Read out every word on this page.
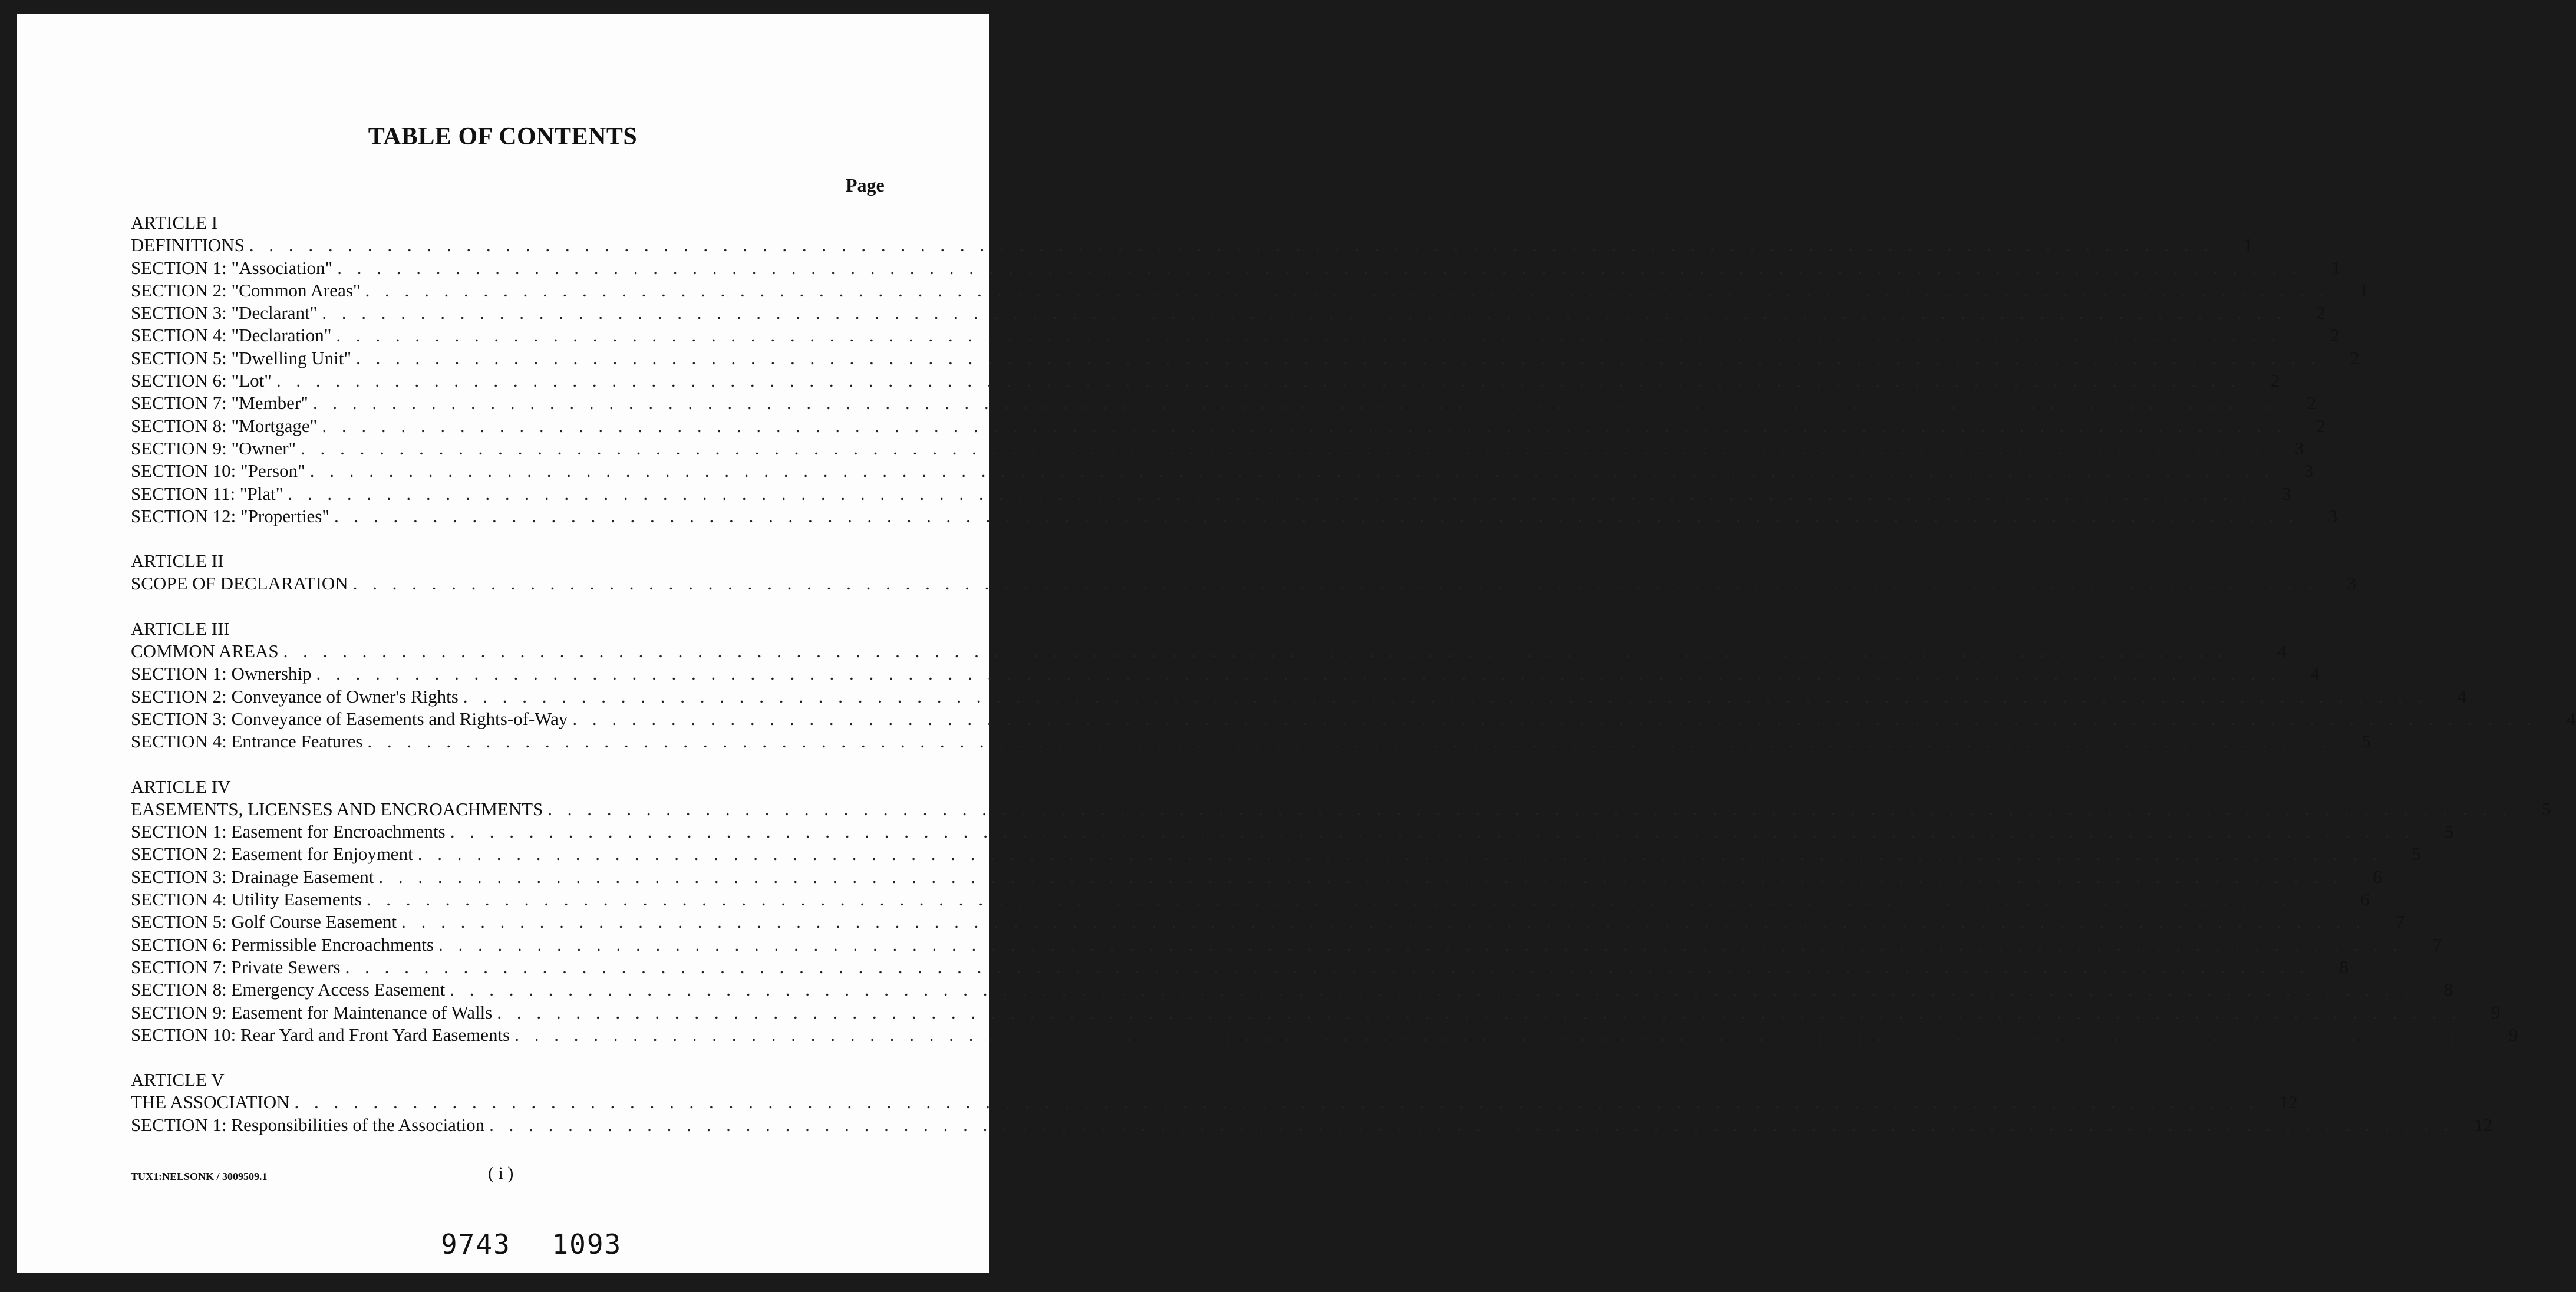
TABLE OF CONTENTS
Page
ARTICLE I
DEFINITIONS . . . . . . . . . . . . . . . . . . . . . . . . . . . . . . . . . . . . . . . . . . . . . . . . . . . . . . . . . . . . . . . . . . . . . . . . . . . . . . . . . . . . . . . . . . . . . . . . . . . .	1
SECTION 1: "Association" . . . . . . . . . . . . . . . . . . . . . . . . . . . . . . . . . . . . . . . . . . . . . . . . . . . . . . . . . . . . . . . . . . . . . . . . . . . . . . . . . . . . . . . . . . . . . . . . . . . .	1
SECTION 2: "Common Areas" . . . . . . . . . . . . . . . . . . . . . . . . . . . . . . . . . . . . . . . . . . . . . . . . . . . . . . . . . . . . . . . . . . . . . . . . . . . . . . . . . . . . . . . . . . . . . . . . . . . .	1
SECTION 3: "Declarant" . . . . . . . . . . . . . . . . . . . . . . . . . . . . . . . . . . . . . . . . . . . . . . . . . . . . . . . . . . . . . . . . . . . . . . . . . . . . . . . . . . . . . . . . . . . . . . . . . . . .	2
SECTION 4: "Declaration" . . . . . . . . . . . . . . . . . . . . . . . . . . . . . . . . . . . . . . . . . . . . . . . . . . . . . . . . . . . . . . . . . . . . . . . . . . . . . . . . . . . . . . . . . . . . . . . . . . . .	2
SECTION 5: "Dwelling Unit" . . . . . . . . . . . . . . . . . . . . . . . . . . . . . . . . . . . . . . . . . . . . . . . . . . . . . . . . . . . . . . . . . . . . . . . . . . . . . . . . . . . . . . . . . . . . . . . . . . . .	2
SECTION 6: "Lot" . . . . . . . . . . . . . . . . . . . . . . . . . . . . . . . . . . . . . . . . . . . . . . . . . . . . . . . . . . . . . . . . . . . . . . . . . . . . . . . . . . . . . . . . . . . . . . . . . . . .	2
SECTION 7: "Member" . . . . . . . . . . . . . . . . . . . . . . . . . . . . . . . . . . . . . . . . . . . . . . . . . . . . . . . . . . . . . . . . . . . . . . . . . . . . . . . . . . . . . . . . . . . . . . . . . . . .	2
SECTION 8: "Mortgage" . . . . . . . . . . . . . . . . . . . . . . . . . . . . . . . . . . . . . . . . . . . . . . . . . . . . . . . . . . . . . . . . . . . . . . . . . . . . . . . . . . . . . . . . . . . . . . . . . . . .	2
SECTION 9: "Owner" . . . . . . . . . . . . . . . . . . . . . . . . . . . . . . . . . . . . . . . . . . . . . . . . . . . . . . . . . . . . . . . . . . . . . . . . . . . . . . . . . . . . . . . . . . . . . . . . . . . .	3
SECTION 10: "Person" . . . . . . . . . . . . . . . . . . . . . . . . . . . . . . . . . . . . . . . . . . . . . . . . . . . . . . . . . . . . . . . . . . . . . . . . . . . . . . . . . . . . . . . . . . . . . . . . . . . .	3
SECTION 11: "Plat" . . . . . . . . . . . . . . . . . . . . . . . . . . . . . . . . . . . . . . . . . . . . . . . . . . . . . . . . . . . . . . . . . . . . . . . . . . . . . . . . . . . . . . . . . . . . . . . . . . . .	3
SECTION 12: "Properties" . . . . . . . . . . . . . . . . . . . . . . . . . . . . . . . . . . . . . . . . . . . . . . . . . . . . . . . . . . . . . . . . . . . . . . . . . . . . . . . . . . . . . . . . . . . . . . . . . . . .	3
ARTICLE II
SCOPE OF DECLARATION . . . . . . . . . . . . . . . . . . . . . . . . . . . . . . . . . . . . . . . . . . . . . . . . . . . . . . . . . . . . . . . . . . . . . . . . . . . . . . . . . . . . . . . . . . . . . . . . . . . .	3
ARTICLE III
COMMON AREAS . . . . . . . . . . . . . . . . . . . . . . . . . . . . . . . . . . . . . . . . . . . . . . . . . . . . . . . . . . . . . . . . . . . . . . . . . . . . . . . . . . . . . . . . . . . . . . . . . . . .	4
SECTION 1: Ownership . . . . . . . . . . . . . . . . . . . . . . . . . . . . . . . . . . . . . . . . . . . . . . . . . . . . . . . . . . . . . . . . . . . . . . . . . . . . . . . . . . . . . . . . . . . . . . . . . . . .	4
SECTION 2: Conveyance of Owner's Rights . . . . . . . . . . . . . . . . . . . . . . . . . . . . . . . . . . . . . . . . . . . . . . . . . . . . . . . . . . . . . . . . . . . . . . . . . . . . . . . . . . . . . . . . . . . . . . . . . . . .	4
SECTION 3: Conveyance of Easements and Rights-of-Way . . . . . . . . . . . . . . . . . . . . . . . . . . . . . . . . . . . . . . . . . . . . . . . . . . . . . . . . . . . . . . . . . . . . . . . . . . . . . . . . . . . . . . . . . . . . . . . . . . . .	4
SECTION 4: Entrance Features . . . . . . . . . . . . . . . . . . . . . . . . . . . . . . . . . . . . . . . . . . . . . . . . . . . . . . . . . . . . . . . . . . . . . . . . . . . . . . . . . . . . . . . . . . . . . . . . . . . .	5
ARTICLE IV
EASEMENTS, LICENSES AND ENCROACHMENTS . . . . . . . . . . . . . . . . . . . . . . . . . . . . . . . . . . . . . . . . . . . . . . . . . . . . . . . . . . . . . . . . . . . . . . . . . . . . . . . . . . . . . . . . . . . . . . . . . . . .	5
SECTION 1: Easement for Encroachments . . . . . . . . . . . . . . . . . . . . . . . . . . . . . . . . . . . . . . . . . . . . . . . . . . . . . . . . . . . . . . . . . . . . . . . . . . . . . . . . . . . . . . . . . . . . . . . . . . . .	5
SECTION 2: Easement for Enjoyment . . . . . . . . . . . . . . . . . . . . . . . . . . . . . . . . . . . . . . . . . . . . . . . . . . . . . . . . . . . . . . . . . . . . . . . . . . . . . . . . . . . . . . . . . . . . . . . . . . . .	5
SECTION 3: Drainage Easement . . . . . . . . . . . . . . . . . . . . . . . . . . . . . . . . . . . . . . . . . . . . . . . . . . . . . . . . . . . . . . . . . . . . . . . . . . . . . . . . . . . . . . . . . . . . . . . . . . . .	6
SECTION 4: Utility Easements . . . . . . . . . . . . . . . . . . . . . . . . . . . . . . . . . . . . . . . . . . . . . . . . . . . . . . . . . . . . . . . . . . . . . . . . . . . . . . . . . . . . . . . . . . . . . . . . . . . .	6
SECTION 5: Golf Course Easement . . . . . . . . . . . . . . . . . . . . . . . . . . . . . . . . . . . . . . . . . . . . . . . . . . . . . . . . . . . . . . . . . . . . . . . . . . . . . . . . . . . . . . . . . . . . . . . . . . . .	7
SECTION 6: Permissible Encroachments . . . . . . . . . . . . . . . . . . . . . . . . . . . . . . . . . . . . . . . . . . . . . . . . . . . . . . . . . . . . . . . . . . . . . . . . . . . . . . . . . . . . . . . . . . . . . . . . . . . .	7
SECTION 7: Private Sewers . . . . . . . . . . . . . . . . . . . . . . . . . . . . . . . . . . . . . . . . . . . . . . . . . . . . . . . . . . . . . . . . . . . . . . . . . . . . . . . . . . . . . . . . . . . . . . . . . . . .	8
SECTION 8: Emergency Access Easement . . . . . . . . . . . . . . . . . . . . . . . . . . . . . . . . . . . . . . . . . . . . . . . . . . . . . . . . . . . . . . . . . . . . . . . . . . . . . . . . . . . . . . . . . . . . . . . . . . . .	8
SECTION 9: Easement for Maintenance of Walls . . . . . . . . . . . . . . . . . . . . . . . . . . . . . . . . . . . . . . . . . . . . . . . . . . . . . . . . . . . . . . . . . . . . . . . . . . . . . . . . . . . . . . . . . . . . . . . . . . . .	9
SECTION 10: Rear Yard and Front Yard Easements . . . . . . . . . . . . . . . . . . . . . . . . . . . . . . . . . . . . . . . . . . . . . . . . . . . . . . . . . . . . . . . . . . . . . . . . . . . . . . . . . . . . . . . . . . . . . . . . . . . .	9
ARTICLE V
THE ASSOCIATION . . . . . . . . . . . . . . . . . . . . . . . . . . . . . . . . . . . . . . . . . . . . . . . . . . . . . . . . . . . . . . . . . . . . . . . . . . . . . . . . . . . . . . . . . . . . . . . . . . . .	12
SECTION 1: Responsibilities of the Association . . . . . . . . . . . . . . . . . . . . . . . . . . . . . . . . . . . . . . . . . . . . . . . . . . . . . . . . . . . . . . . . . . . . . . . . . . . . . . . . . . . . . . . . . . . . . . . . . . . .	12
TUX1:NELSONK / 3009509.1	( i )
9743 1093
